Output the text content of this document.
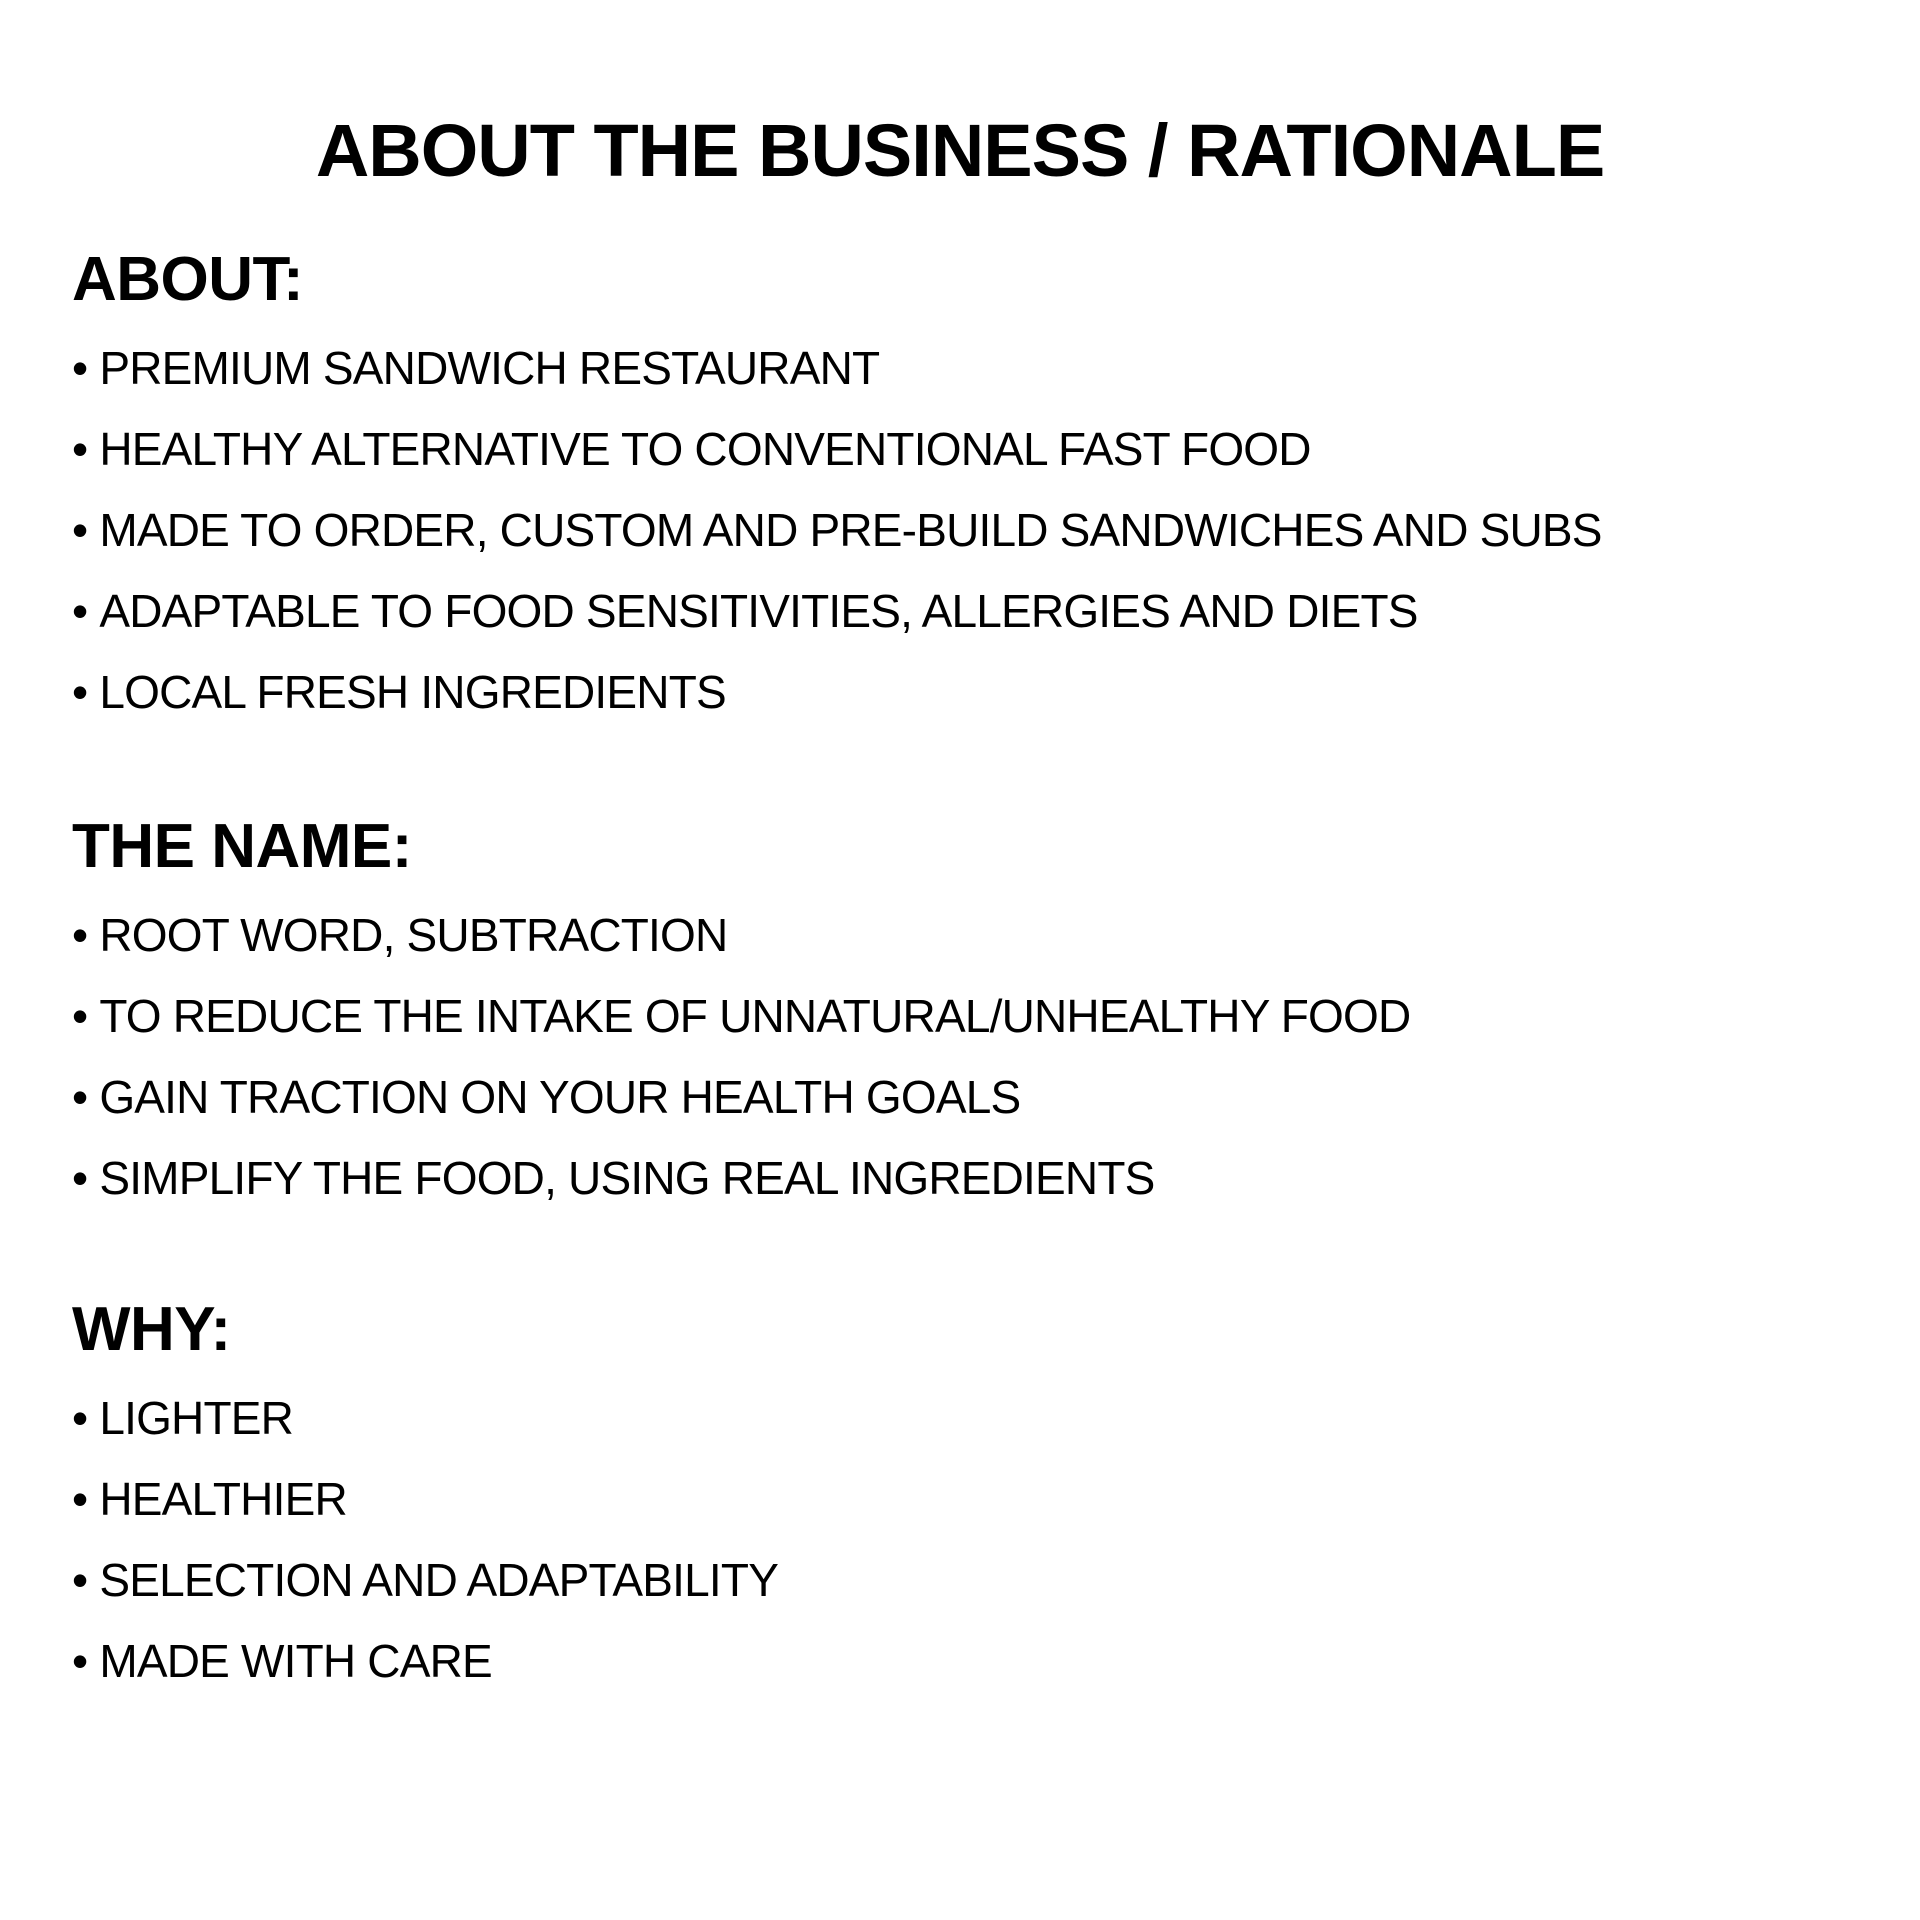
ABOUT THE BUSINESS / RATIONALE
ABOUT:
• PREMIUM SANDWICH RESTAURANT
• HEALTHY ALTERNATIVE TO CONVENTIONAL FAST FOOD
• MADE TO ORDER, CUSTOM AND PRE-BUILD SANDWICHES AND SUBS
• ADAPTABLE TO FOOD SENSITIVITIES, ALLERGIES AND DIETS
• LOCAL FRESH INGREDIENTS
THE NAME:
• ROOT WORD, SUBTRACTION
• TO REDUCE THE INTAKE OF UNNATURAL/UNHEALTHY FOOD
• GAIN TRACTION ON YOUR HEALTH GOALS
• SIMPLIFY THE FOOD, USING REAL INGREDIENTS
WHY:
• LIGHTER
• HEALTHIER
• SELECTION AND ADAPTABILITY
• MADE WITH CARE
